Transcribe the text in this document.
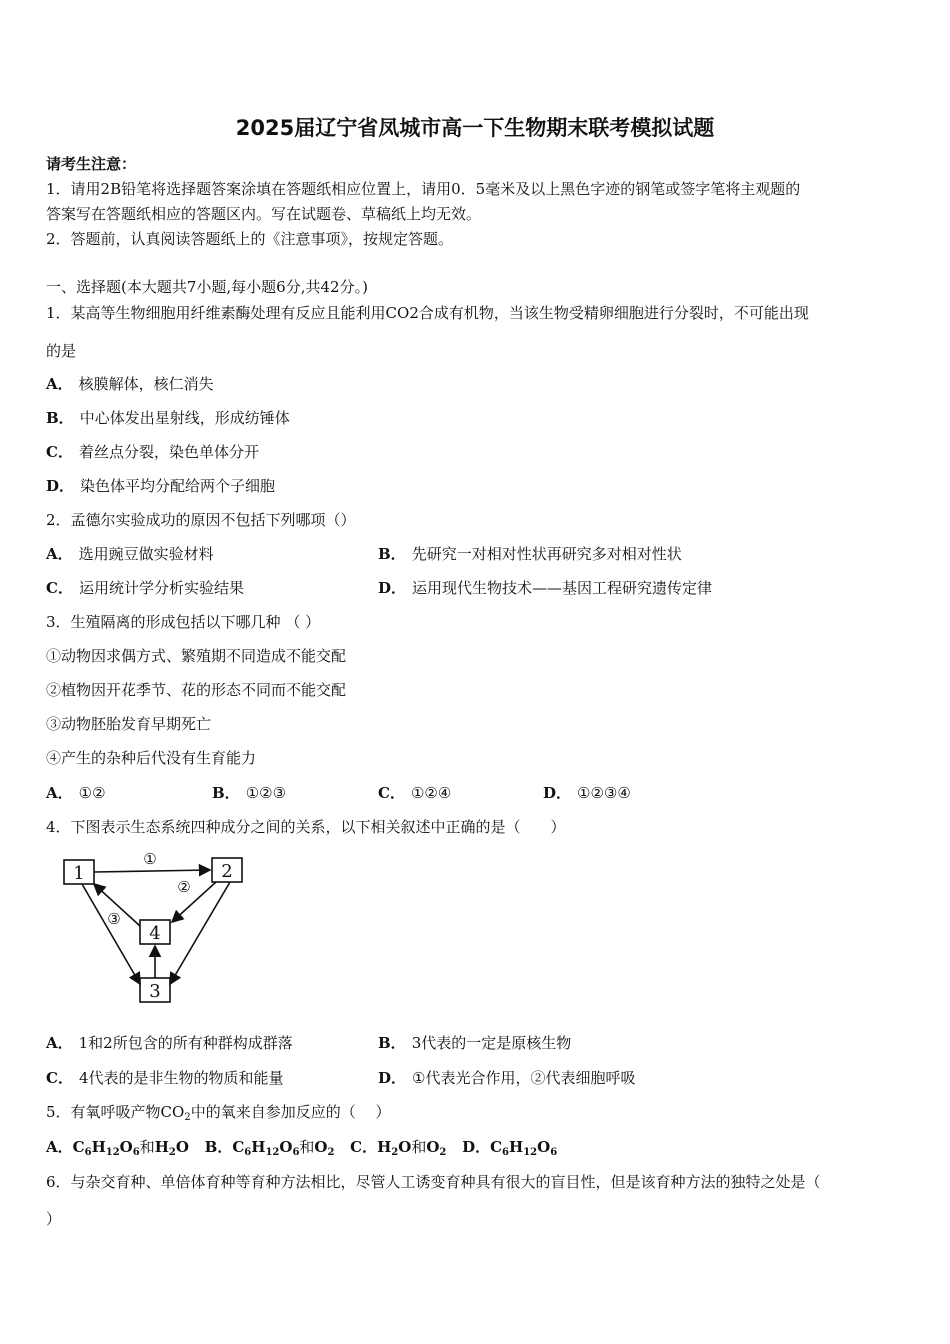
2025届辽宁省凤城市高一下生物期末联考模拟试题
请考生注意：
1．请用2B铅笔将选择题答案涂填在答题纸相应位置上，请用0．5毫米及以上黑色字迹的钢笔或签字笔将主观题的
答案写在答题纸相应的答题区内。写在试题卷、草稿纸上均无效。
2．答题前，认真阅读答题纸上的《注意事项》，按规定答题。
一、选择题(本大题共7小题,每小题6分,共42分。)
1．某高等生物细胞用纤维素酶处理有反应且能利用CO2合成有机物，当该生物受精卵细胞进行分裂时，不可能出现
的是
A． 核膜解体，核仁消失
B． 中心体发出星射线，形成纺锤体
C． 着丝点分裂，染色单体分开
D． 染色体平均分配给两个子细胞
2．孟德尔实验成功的原因不包括下列哪项（）
A． 选用豌豆做实验材料	B． 先研究一对相对性状再研究多对相对性状
C． 运用统计学分析实验结果	D． 运用现代生物技术——基因工程研究遗传定律
3．生殖隔离的形成包括以下哪几种 （ ）
①动物因求偶方式、繁殖期不同造成不能交配
②植物因开花季节、花的形态不同而不能交配
③动物胚胎发育早期死亡
④产生的杂种后代没有生育能力
A． ①②	B． ①②③	C． ①②④	D． ①②③④
4．下图表示生态系统四种成分之间的关系，以下相关叙述中正确的是（　　）
1	2
4
3
①
②
③
A． 1和2所包含的所有种群构成群落	B． 3代表的一定是原核生物
C． 4代表的是非生物的物质和能量	D． ①代表光合作用，②代表细胞呼吸
5．有氧呼吸产物$CO_2$中的氧来自参加反应的（　 ）
A．$C_6H_{12}O_6$和$H_2O$ B．$C_6H_{12}O_6$和$O_2$ C．$H_2O$和$O_2$ D．$C_6H_{12}O_6$
6．与杂交育种、单倍体育种等育种方法相比，尽管人工诱变育种具有很大的盲目性，但是该育种方法的独特之处是（
）
